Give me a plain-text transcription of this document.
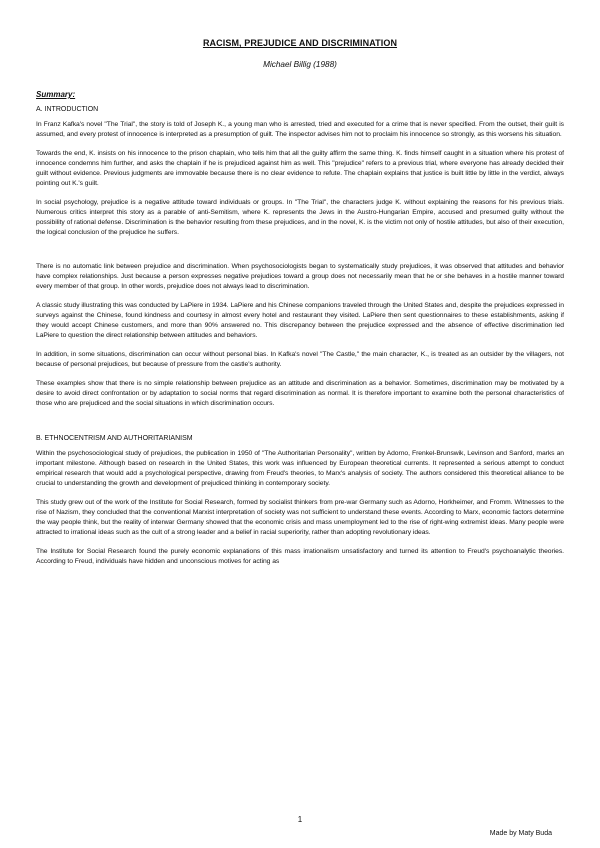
RACISM, PREJUDICE AND DISCRIMINATION
Michael Billig (1988)
Summary:
A. INTRODUCTION

In Franz Kafka's novel "The Trial", the story is told of Joseph K., a young man who is arrested, tried and executed for a crime that is never specified. From the outset, their guilt is assumed, and every protest of innocence is interpreted as a presumption of guilt. The inspector advises him not to proclaim his innocence so strongly, as this worsens his situation.

Towards the end, K. insists on his innocence to the prison chaplain, who tells him that all the guilty affirm the same thing. K. finds himself caught in a situation where his protest of innocence condemns him further, and asks the chaplain if he is prejudiced against him as well. This "prejudice" refers to a previous trial, where everyone has already decided their guilt without evidence. Previous judgments are immovable because there is no clear evidence to refute. The chaplain explains that justice is built little by little in the verdict, always pointing out K.'s guilt.

In social psychology, prejudice is a negative attitude toward individuals or groups. In "The Trial", the characters judge K. without explaining the reasons for his previous trials. Numerous critics interpret this story as a parable of anti-Semitism, where K. represents the Jews in the Austro-Hungarian Empire, accused and presumed guilty without the possibility of rational defense. Discrimination is the behavior resulting from these prejudices, and in the novel, K. is the victim not only of hostile attitudes, but also of their execution, the logical conclusion of the prejudice he suffers.

There is no automatic link between prejudice and discrimination. When psychosociologists began to systematically study prejudices, it was observed that attitudes and behavior have complex relationships. Just because a person expresses negative prejudices toward a group does not necessarily mean that he or she behaves in a hostile manner toward every member of that group. In other words, prejudice does not always lead to discrimination.

A classic study illustrating this was conducted by LaPiere in 1934. LaPiere and his Chinese companions traveled through the United States and, despite the prejudices expressed in surveys against the Chinese, found kindness and courtesy in almost every hotel and restaurant they visited. LaPiere then sent questionnaires to these establishments, asking if they would accept Chinese customers, and more than 90% answered no. This discrepancy between the prejudice expressed and the absence of effective discrimination led LaPiere to question the direct relationship between attitudes and behaviors.

In addition, in some situations, discrimination can occur without personal bias. In Kafka's novel "The Castle," the main character, K., is treated as an outsider by the villagers, not because of personal prejudices, but because of pressure from the castle's authority.

These examples show that there is no simple relationship between prejudice as an attitude and discrimination as a behavior. Sometimes, discrimination may be motivated by a desire to avoid direct confrontation or by adaptation to social norms that regard discrimination as normal. It is therefore important to examine both the personal characteristics of those who are prejudiced and the social situations in which discrimination occurs.

B. ETHNOCENTRISM AND AUTHORITARIANISM

Within the psychosociological study of prejudices, the publication in 1950 of "The Authoritarian Personality", written by Adorno, Frenkel-Brunswik, Levinson and Sanford, marks an important milestone. Although based on research in the United States, this work was influenced by European theoretical currents. It represented a serious attempt to conduct empirical research that would add a psychological perspective, drawing from Freud's theories, to Marx's analysis of society. The authors considered this theoretical alliance to be crucial to understanding the growth and development of prejudiced thinking in contemporary society.

This study grew out of the work of the Institute for Social Research, formed by socialist thinkers from pre-war Germany such as Adorno, Horkheimer, and Fromm. Witnesses to the rise of Nazism, they concluded that the conventional Marxist interpretation of society was not sufficient to understand these events. According to Marx, economic factors determine the way people think, but the reality of interwar Germany showed that the economic crisis and mass unemployment led to the rise of right-wing extremist ideas. Many people were attracted to irrational ideas such as the cult of a strong leader and a belief in racial superiority, rather than adopting revolutionary ideas.

The Institute for Social Research found the purely economic explanations of this mass irrationalism unsatisfactory and turned its attention to Freud's psychoanalytic theories. According to Freud, individuals have hidden and unconscious motives for acting as

1
Made by Maty Buda
